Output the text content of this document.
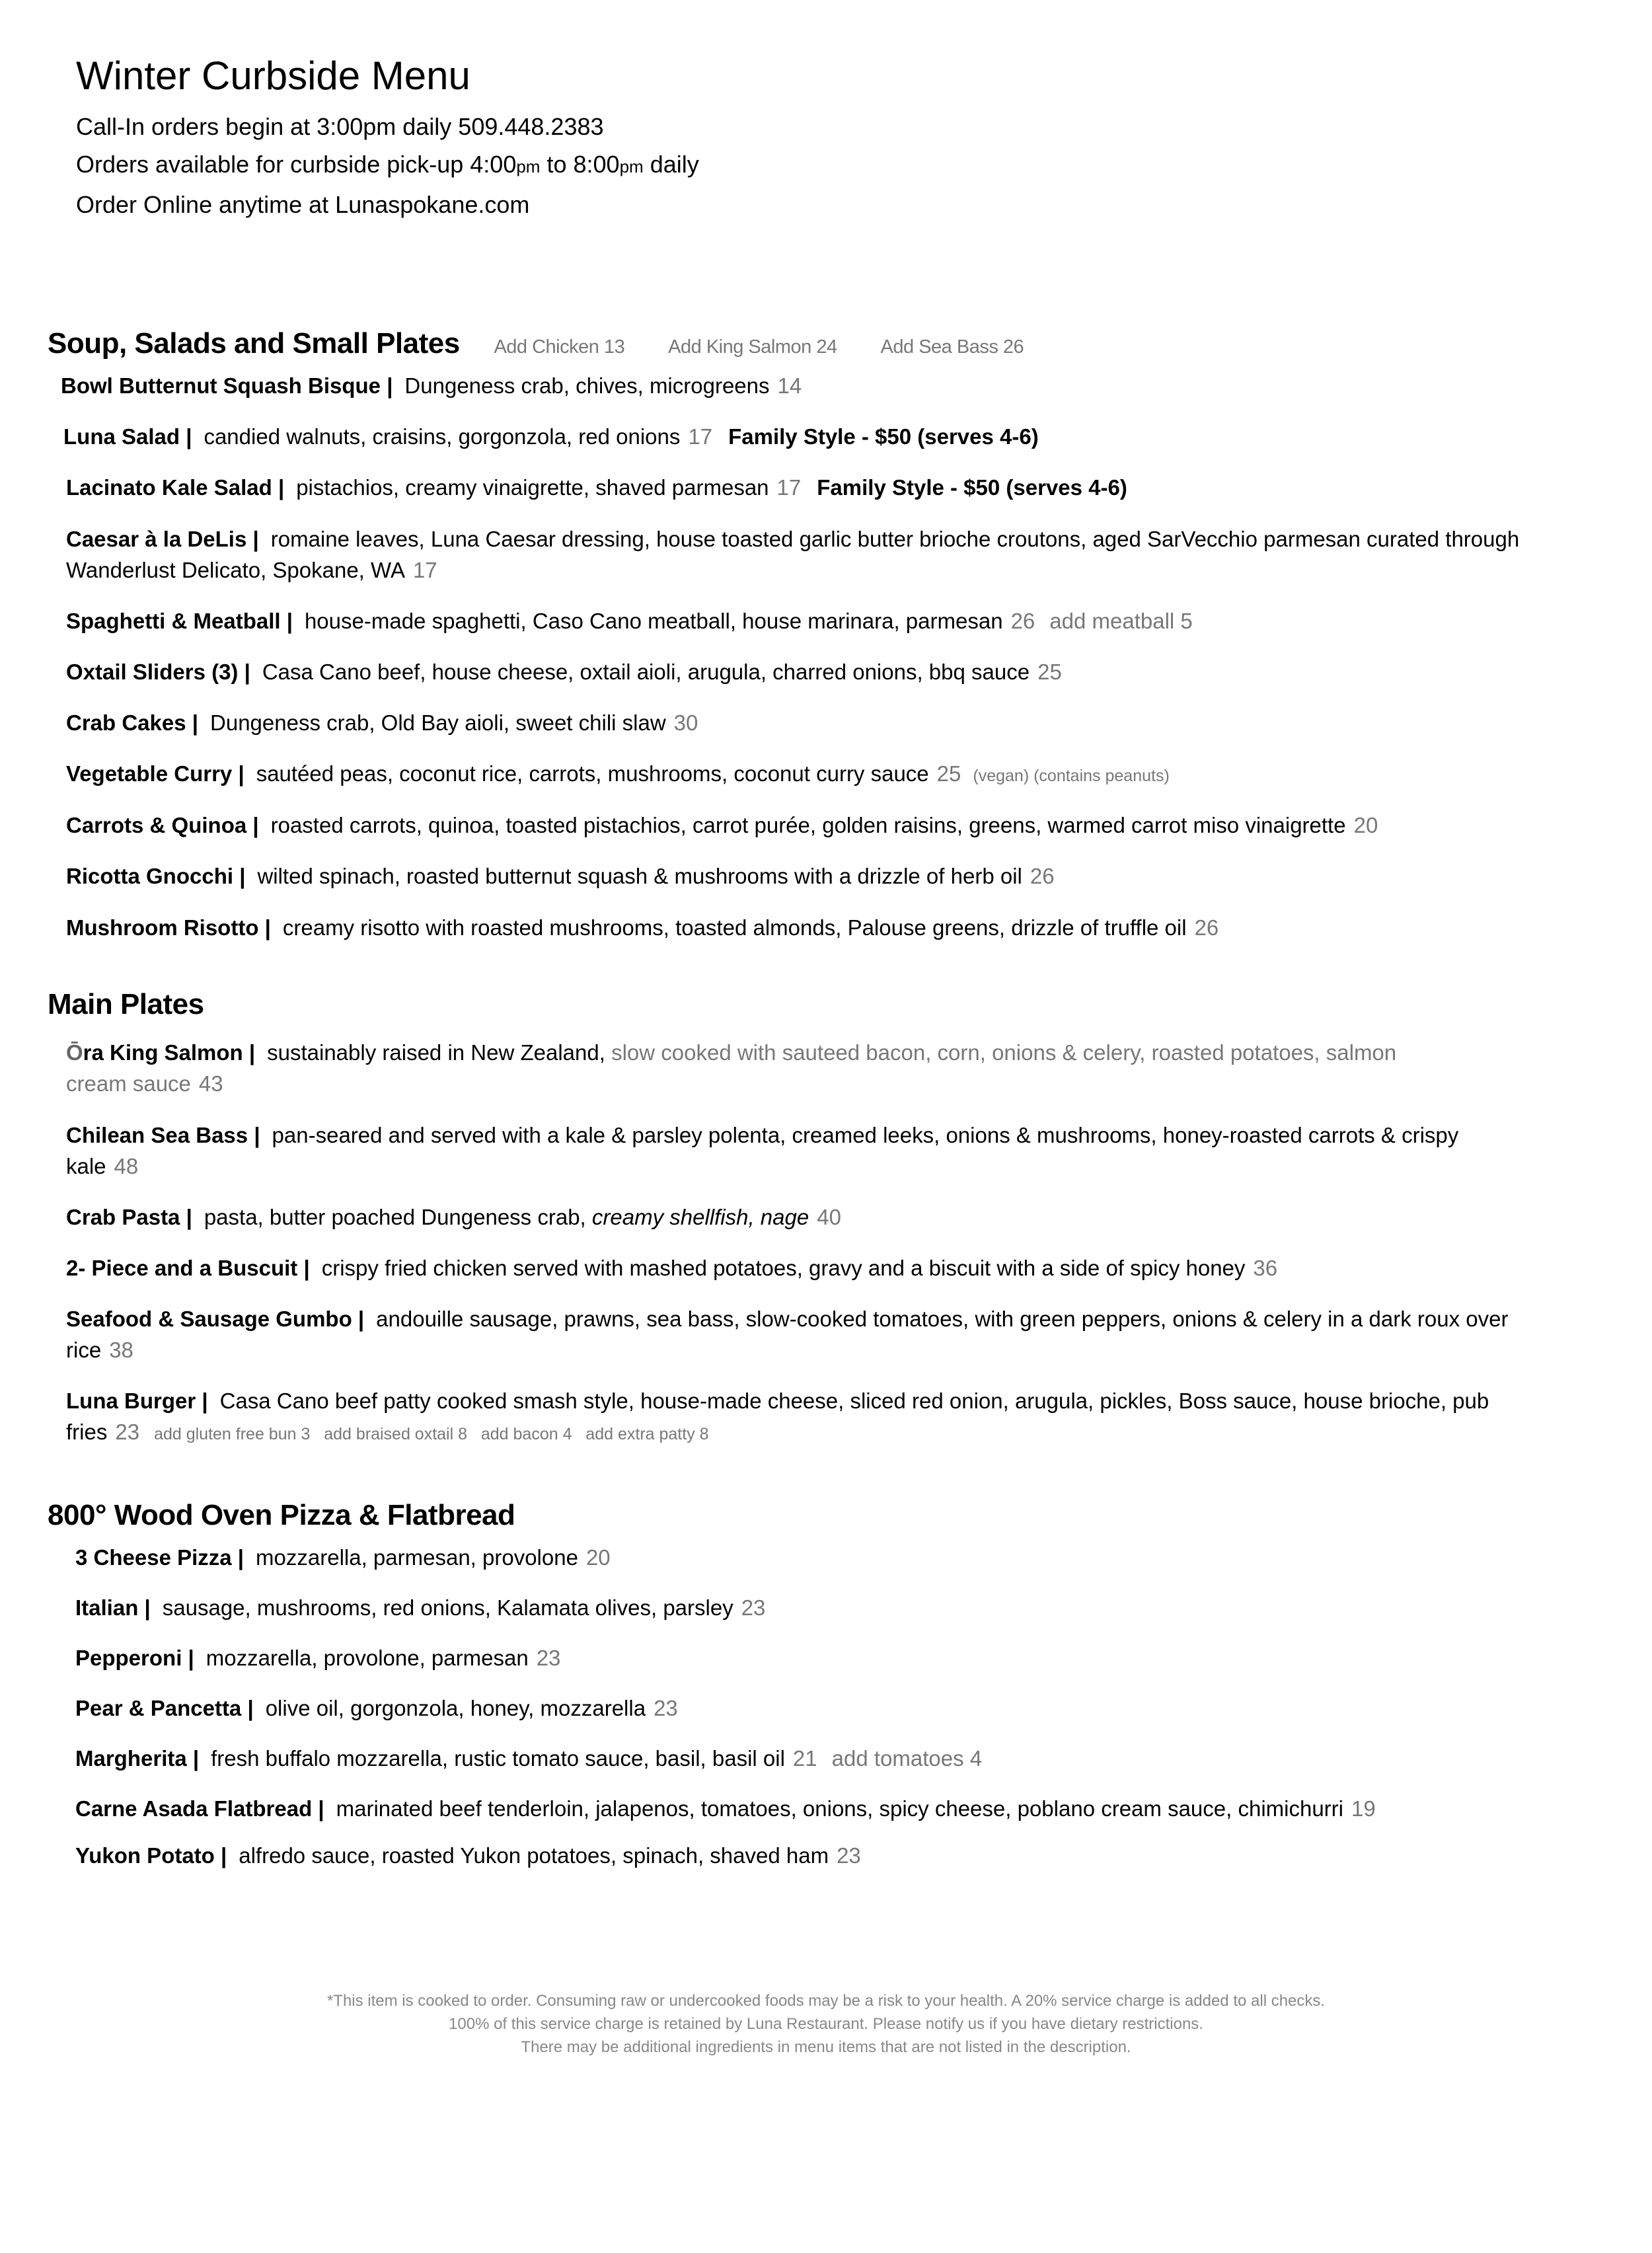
Winter Curbside Menu
Call-In orders begin at 3:00pm daily 509.448.2383
Orders available for curbside pick-up 4:00pm to 8:00pm daily
Order Online anytime at Lunaspokane.com
Soup, Salads and Small Plates Add Chicken 13 Add King Salmon 24 Add Sea Bass 26
Bowl Butternut Squash Bisque | Dungeness crab, chives, microgreens 14
Luna Salad | candied walnuts, craisins, gorgonzola, red onions 17 Family Style - $50 (serves 4-6)
Lacinato Kale Salad | pistachios, creamy vinaigrette, shaved parmesan 17 Family Style - $50 (serves 4-6)
Caesar à la DeLis | romaine leaves, Luna Caesar dressing, house toasted garlic butter brioche croutons, aged SarVecchio parmesan curated through Wanderlust Delicato, Spokane, WA 17
Spaghetti & Meatball | house-made spaghetti, Caso Cano meatball, house marinara, parmesan 26 add meatball 5
Oxtail Sliders (3) | Casa Cano beef, house cheese, oxtail aioli, arugula, charred onions, bbq sauce 25
Crab Cakes | Dungeness crab, Old Bay aioli, sweet chili slaw 30
Vegetable Curry | sautéed peas, coconut rice, carrots, mushrooms, coconut curry sauce 25 (vegan) (contains peanuts)
Carrots & Quinoa | roasted carrots, quinoa, toasted pistachios, carrot purée, golden raisins, greens, warmed carrot miso vinaigrette 20
Ricotta Gnocchi | wilted spinach, roasted butternut squash & mushrooms with a drizzle of herb oil 26
Mushroom Risotto | creamy risotto with roasted mushrooms, toasted almonds, Palouse greens, drizzle of truffle oil 26
Main Plates
Ōra King Salmon | sustainably raised in New Zealand, slow cooked with sauteed bacon, corn, onions & celery, roasted potatoes, salmon cream sauce 43
Chilean Sea Bass | pan-seared and served with a kale & parsley polenta, creamed leeks, onions & mushrooms, honey-roasted carrots & crispy kale 48
Crab Pasta | pasta, butter poached Dungeness crab, creamy shellfish, nage 40
2- Piece and a Buscuit | crispy fried chicken served with mashed potatoes, gravy and a biscuit with a side of spicy honey 36
Seafood & Sausage Gumbo | andouille sausage, prawns, sea bass, slow-cooked tomatoes, with green peppers, onions & celery in a dark roux over rice 38
Luna Burger | Casa Cano beef patty cooked smash style, house-made cheese, sliced red onion, arugula, pickles, Boss sauce, house brioche, pub fries 23 add gluten free bun 3   add braised oxtail 8   add bacon 4   add extra patty 8
800° Wood Oven Pizza & Flatbread
3 Cheese Pizza | mozzarella, parmesan, provolone 20
Italian | sausage, mushrooms, red onions, Kalamata olives, parsley 23
Pepperoni | mozzarella, provolone, parmesan 23
Pear & Pancetta | olive oil, gorgonzola, honey, mozzarella 23
Margherita | fresh buffalo mozzarella, rustic tomato sauce, basil, basil oil 21 add tomatoes 4
Carne Asada Flatbread | marinated beef tenderloin, jalapenos, tomatoes, onions, spicy cheese, poblano cream sauce, chimichurri 19
Yukon Potato | alfredo sauce, roasted Yukon potatoes, spinach, shaved ham 23
*This item is cooked to order. Consuming raw or undercooked foods may be a risk to your health. A 20% service charge is added to all checks.
100% of this service charge is retained by Luna Restaurant. Please notify us if you have dietary restrictions.
There may be additional ingredients in menu items that are not listed in the description.
